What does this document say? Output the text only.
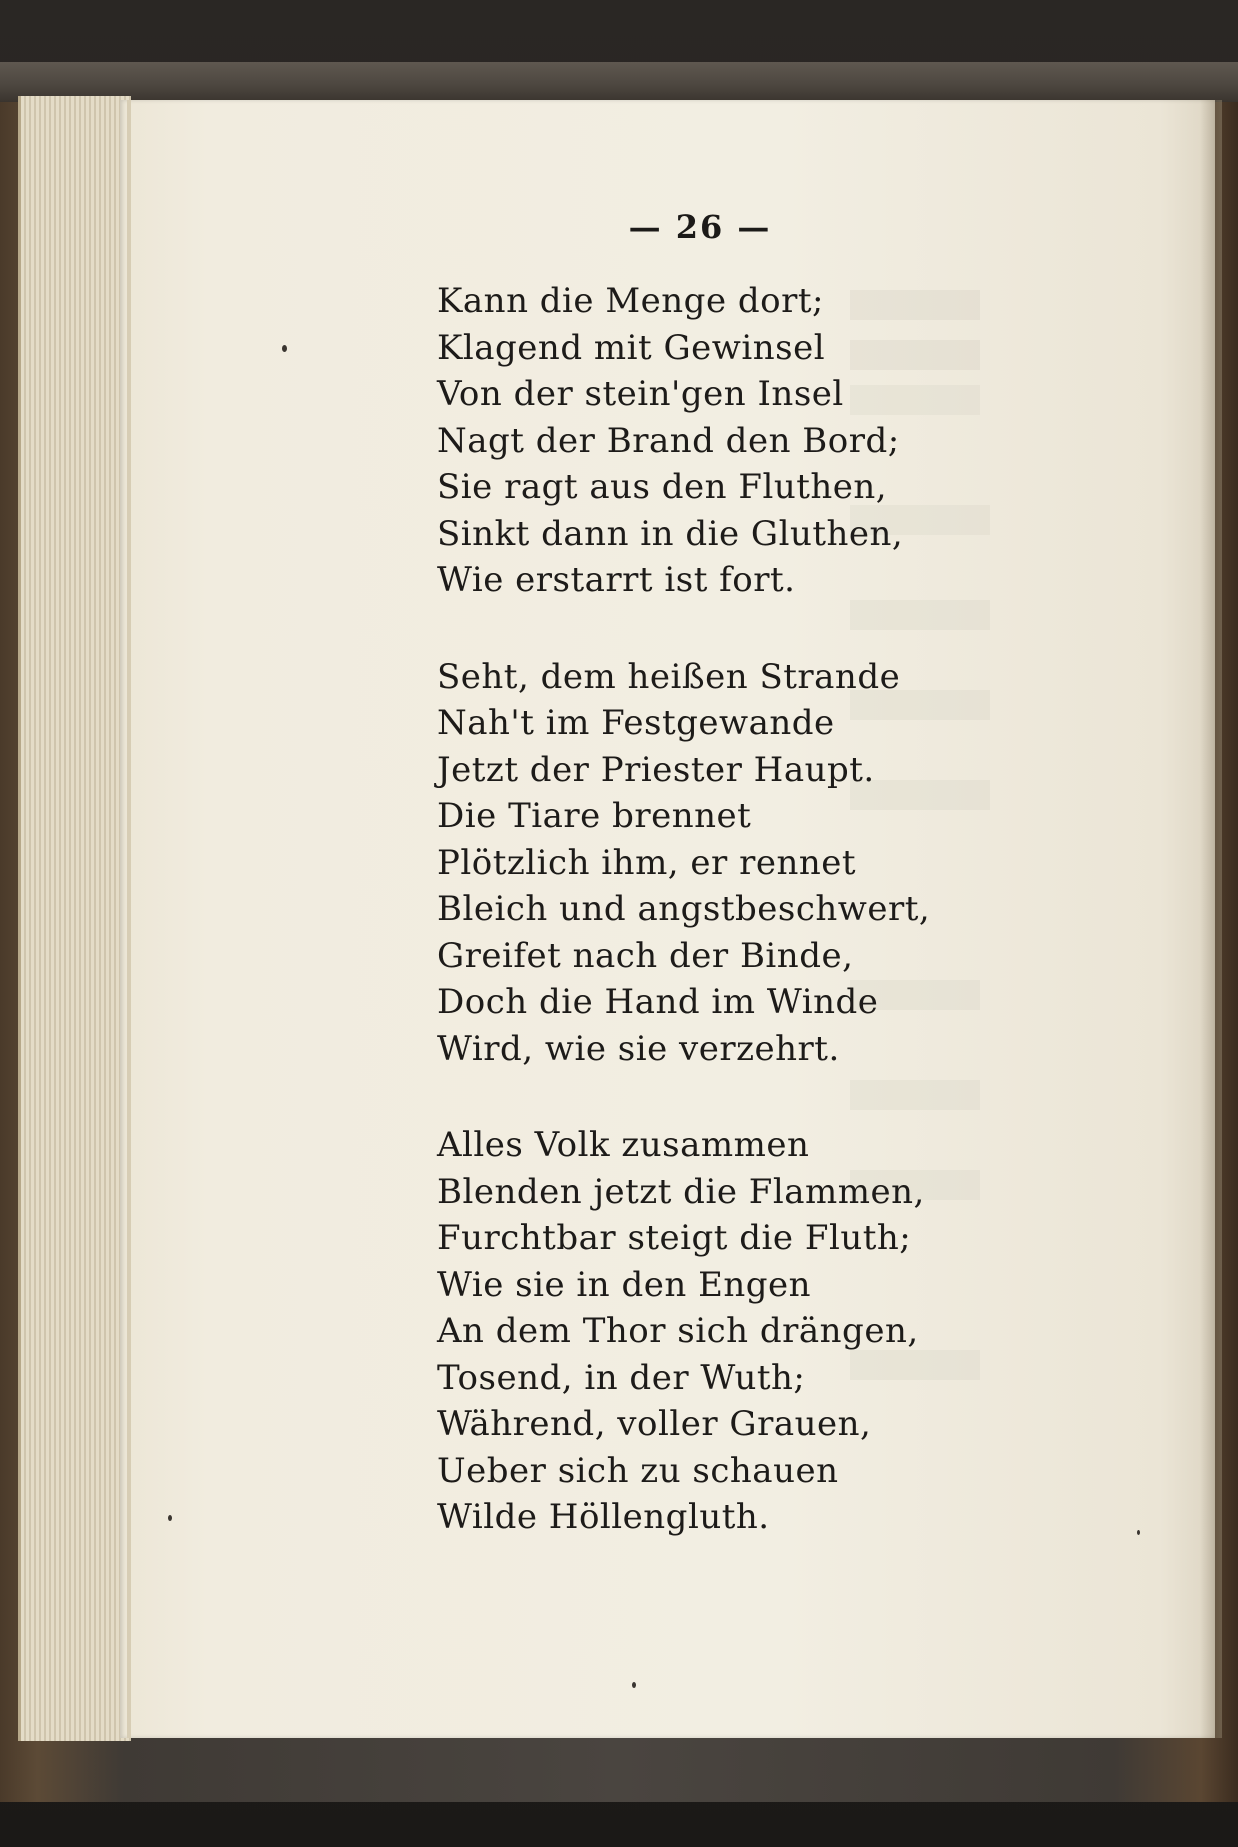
— 26 —
Kann die Menge dort;
Klagend mit Gewinsel
Von der stein'gen Insel
Nagt der Brand den Bord;
Sie ragt aus den Fluthen,
Sinkt dann in die Gluthen,
Wie erstarrt ist fort.
Seht, dem heißen Strande
Nah't im Festgewande
Jetzt der Priester Haupt.
Die Tiare brennet
Plötzlich ihm, er rennet
Bleich und angstbeschwert,
Greifet nach der Binde,
Doch die Hand im Winde
Wird, wie sie verzehrt.
Alles Volk zusammen
Blenden jetzt die Flammen,
Furchtbar steigt die Fluth;
Wie sie in den Engen
An dem Thor sich drängen,
Tosend, in der Wuth;
Während, voller Grauen,
Ueber sich zu schauen
Wilde Höllengluth.
